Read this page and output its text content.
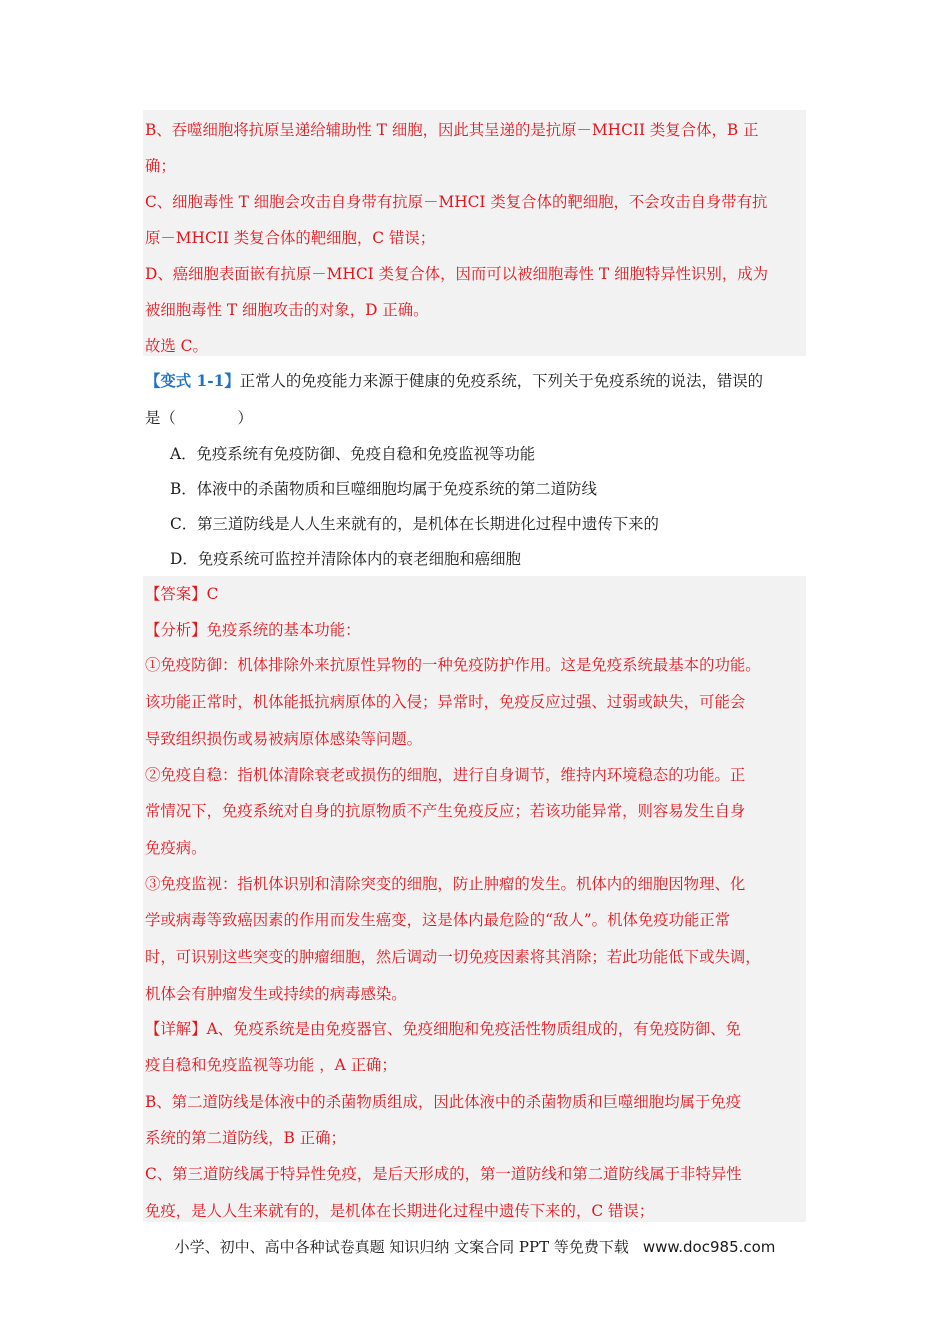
B、吞噬细胞将抗原呈递给辅助性 T 细胞，因此其呈递的是抗原－MHCII 类复合体，B 正
确；
C、细胞毒性 T 细胞会攻击自身带有抗原－MHCI 类复合体的靶细胞，不会攻击自身带有抗
原－MHCII 类复合体的靶细胞，C 错误；
D、癌细胞表面嵌有抗原－MHCI 类复合体，因而可以被细胞毒性 T 细胞特异性识别，成为
被细胞毒性 T 细胞攻击的对象，D 正确。
故选 C。
【变式 1-1】正常人的免疫能力来源于健康的免疫系统，下列关于免疫系统的说法，错误的
是（　　　　）
A．免疫系统有免疫防御、免疫自稳和免疫监视等功能
B．体液中的杀菌物质和巨噬细胞均属于免疫系统的第二道防线
C．第三道防线是人人生来就有的，是机体在长期进化过程中遗传下来的
D．免疫系统可监控并清除体内的衰老细胞和癌细胞
【答案】C
【分析】免疫系统的基本功能：
①免疫防御：机体排除外来抗原性异物的一种免疫防护作用。这是免疫系统最基本的功能。
该功能正常时，机体能抵抗病原体的入侵；异常时，免疫反应过强、过弱或缺失，可能会
导致组织损伤或易被病原体感染等问题。
②免疫自稳：指机体清除衰老或损伤的细胞，进行自身调节，维持内环境稳态的功能。正
常情况下，免疫系统对自身的抗原物质不产生免疫反应；若该功能异常，则容易发生自身
免疫病。
③免疫监视：指机体识别和清除突变的细胞，防止肿瘤的发生。机体内的细胞因物理、化
学或病毒等致癌因素的作用而发生癌变，这是体内最危险的“敌人”。机体免疫功能正常
时，可识别这些突变的肿瘤细胞，然后调动一切免疫因素将其消除；若此功能低下或失调，
机体会有肿瘤发生或持续的病毒感染。
【详解】A、免疫系统是由免疫器官、免疫细胞和免疫活性物质组成的，有免疫防御、免
疫自稳和免疫监视等功能 ，A 正确；
B、第二道防线是体液中的杀菌物质组成，因此体液中的杀菌物质和巨噬细胞均属于免疫
系统的第二道防线，B 正确；
C、第三道防线属于特异性免疫，是后天形成的，第一道防线和第二道防线属于非特异性
免疫，是人人生来就有的，是机体在长期进化过程中遗传下来的，C 错误；
小学、初中、高中各种试卷真题 知识归纳 文案合同 PPT 等免费下载 www.doc985.com
